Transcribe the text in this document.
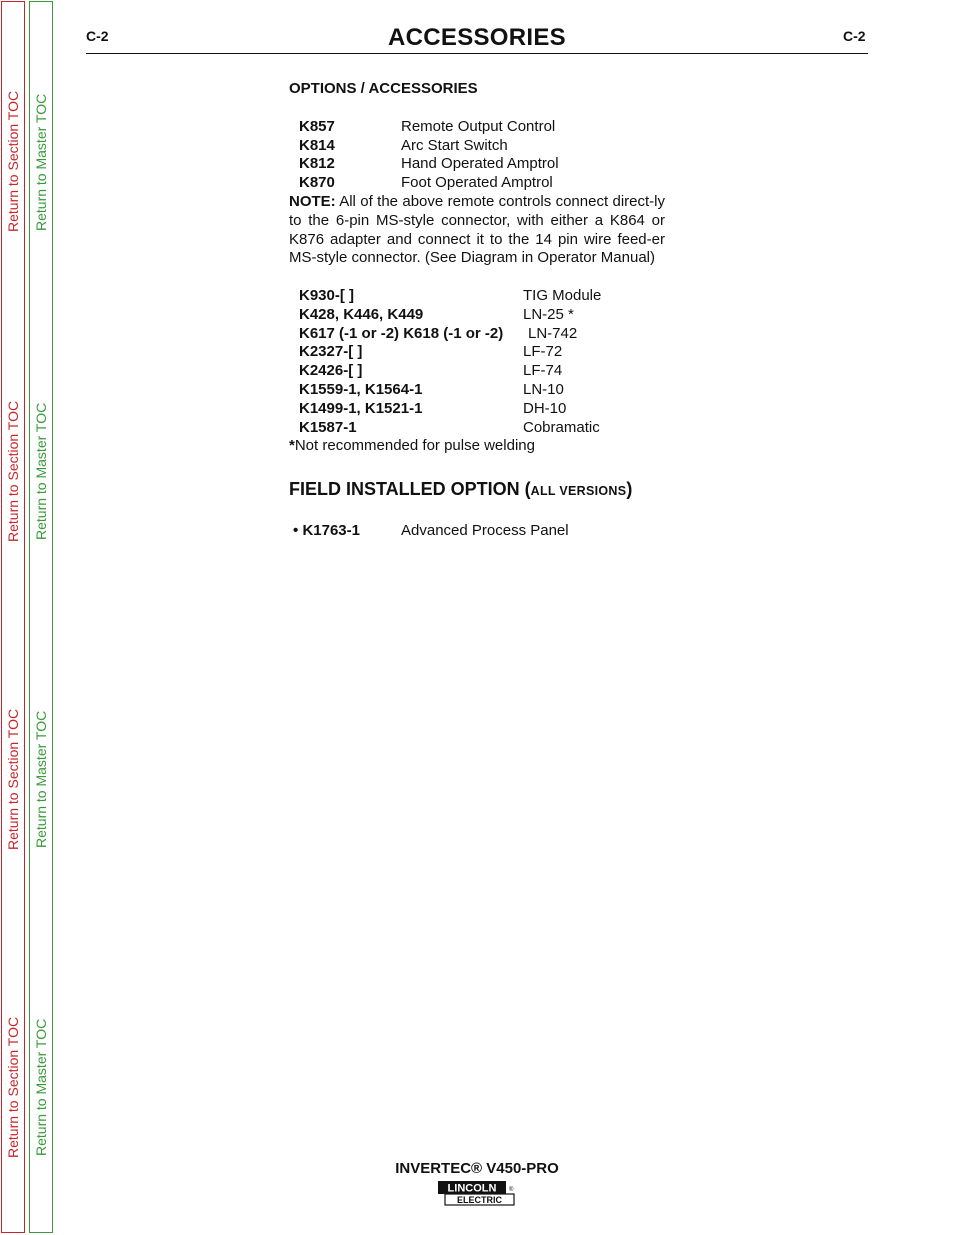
Return to Section TOC
Return to Section TOC
Return to Section TOC
Return to Section TOC
Return to Master TOC
Return to Master TOC
Return to Master TOC
Return to Master TOC
C-2	ACCESSORIES	C-2

OPTIONS / ACCESSORIES

K857	Remote Output Control
K814	Arc Start Switch
K812	Hand Operated Amptrol
K870	Foot Operated Amptrol

NOTE: All of the above remote controls connect direct-ly to the 6-pin MS-style connector, with either a K864 or K876 adapter and connect it to the 14 pin wire feed-er MS-style connector. (See Diagram in Operator Manual)

K930-[ ]	TIG Module
K428, K446, K449	LN-25 *
K617 (-1 or -2) K618 (-1 or -2) LN-742
K2327-[ ]	LF-72
K2426-[ ]	LF-74
K1559-1, K1564-1	LN-10
K1499-1, K1521-1	DH-10
K1587-1	Cobramatic

*Not recommended for pulse welding

FIELD INSTALLED OPTION (ALL VERSIONS)
• K1763-1	Advanced Process Panel
INVERTEC® V450-PRO
LINCOLN
ELECTRIC
®
